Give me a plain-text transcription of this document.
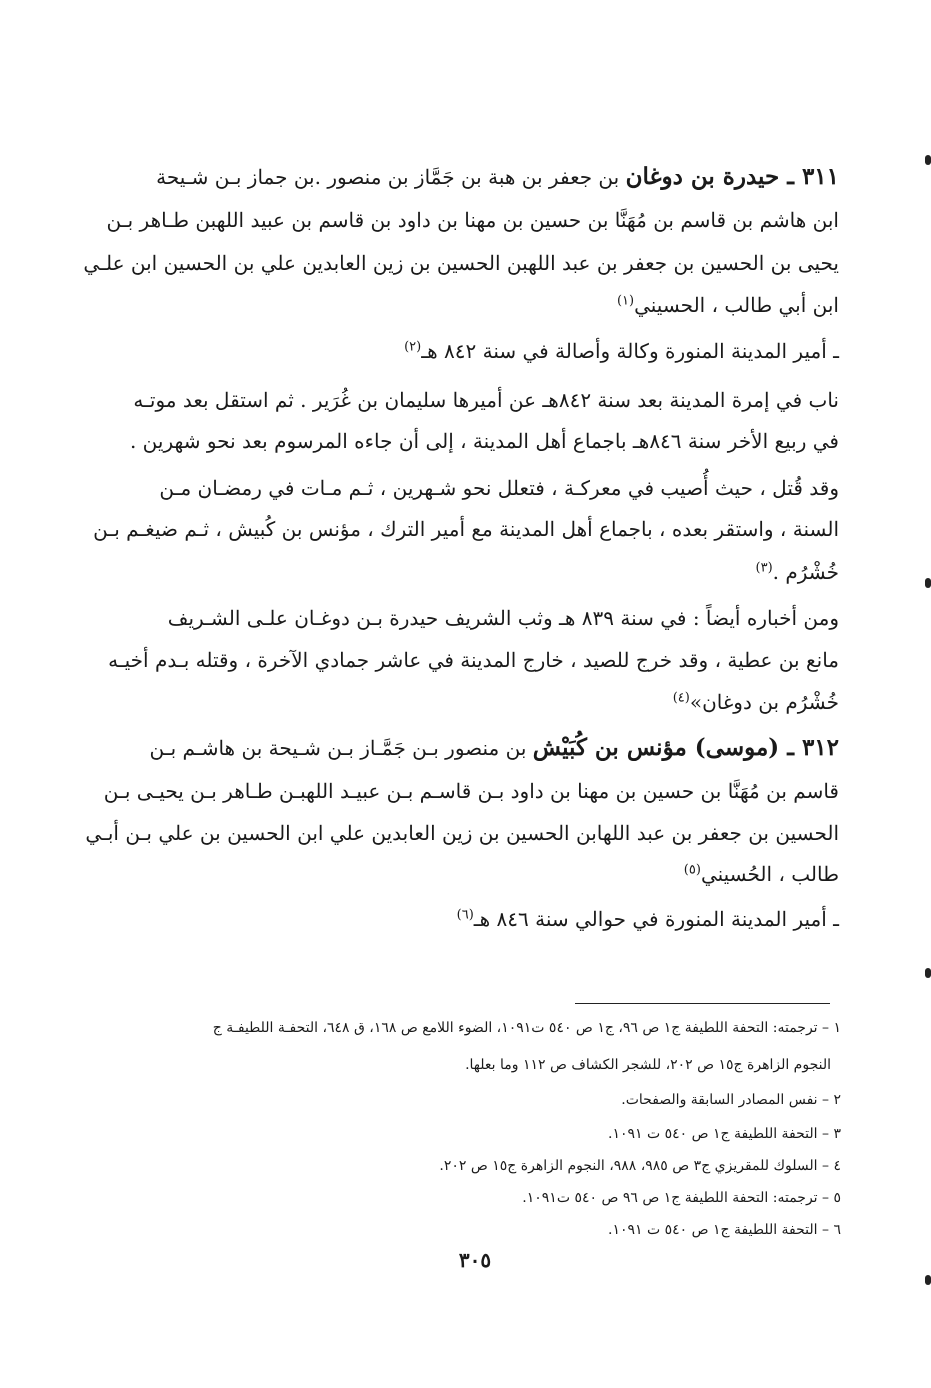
٣١١ ـ حيدرة بن دوغان بن جعفر بن هبة بن جَمَّاز بن منصور .بن جماز بـن شـيحة
ابن هاشم بن قاسم بن مُهَنَّا بن حسين بن مهنا بن داود بن قاسم بن عبيد اللهبن طـاهر بـن
يحيى بن الحسين بن جعفر بن عبد اللهبن الحسين بن زين العابدين علي بن الحسين ابن علـي
ابن أبي طالب ، الحسيني$^{(١)}$
ـ أمير المدينة المنورة وكالة وأصالة في سنة ٨٤٢ هـ$^{(٢)}$
ناب في إمرة المدينة بعد سنة ٨٤٢هـ عن أميرها سليمان بن غُرَير . ثم استقل بعد موتـه
في ربيع الأخر سنة ٨٤٦هـ باجماع أهل المدينة ، إلى أن جاءه المرسوم بعد نحو شهرين .
وقد قُتل ، حيث أُصيب في معركـة ، فتعلل نحو شـهرين ، ثـم مـات في رمضـان مـن
السنة ، واستقر بعده ، باجماع أهل المدينة مع أمير الترك ، مؤنس بن كُبيش ، ثـم ضيغـم بـن
خُشْرُم .$^{(٣)}$
ومن أخباره أيضاً : في سنة ٨٣٩ هـ وثب الشريف حيدرة بـن دوغـان علـى الشـريف
مانع بن عطية ، وقد خرج للصيد ، خارج المدينة في عاشر جمادي الآخرة ، وقتله بـدم أخيـه
خُشْرُم بن دوغان»$^{(٤)}$
٣١٢ ـ (موسى) مؤنس بن كُبَيْش بن منصور بـن جَمَّـاز بـن شـيحة بن هاشـم بـن
قاسم بن مُهَنَّا بن حسين بن مهنا بن داود بـن قاسـم بـن عبيـد اللهبـن طـاهر بـن يحيـى بـن
الحسين بن جعفر بن عبد اللهابن الحسين بن زين العابدين علي ابن الحسين بن علي بـن أبـي
طالب ، الحُسيني$^{(٥)}$
ـ أمير المدينة المنورة في حوالي سنة ٨٤٦ هـ$^{(٦)}$
١ – ترجمته: التحفة اللطيفة ج١ ص ٩٦، ج١ ص ٥٤٠ ت١٠٩١، الضوء اللامع ص ١٦٨، ق ٦٤٨، التحفـة اللطيفـة ج
النجوم الزاهرة ج١٥ ص ٢٠٢، للشجر الكشاف ص ١١٢ وما بعلها.
٢ – نفس المصادر السابقة والصفحات.
٣ – التحفة اللطيفة ج١ ص ٥٤٠ ت ١٠٩١.
٤ – السلوك للمقريزي ج٣ ص ٩٨٥، ٩٨٨، النجوم الزاهرة ج١٥ ص ٢٠٢.
٥ – ترجمته: التحفة اللطيفة ج١ ص ٩٦ ص ٥٤٠ ت١٠٩١.
٦ – التحفة اللطيفة ج١ ص ٥٤٠ ت ١٠٩١.
٣٠٥
